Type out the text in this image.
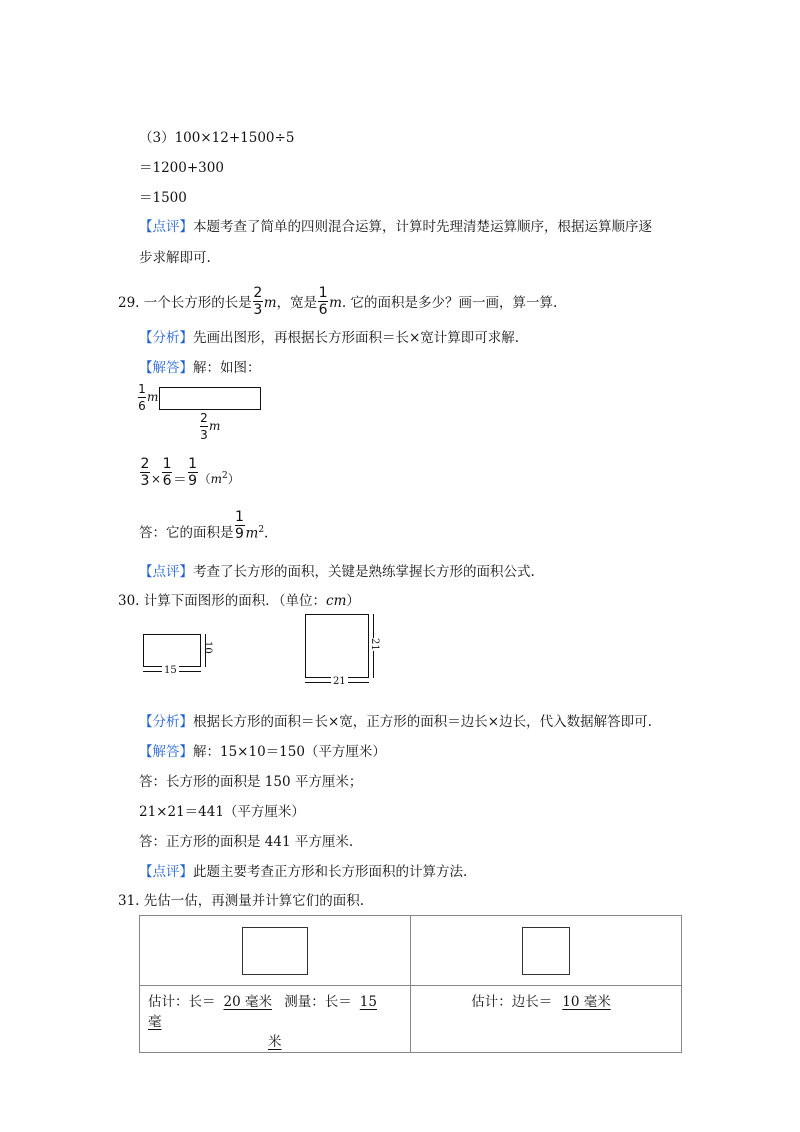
（3）100×12+1500÷5
＝1200+300
＝1500
【点评】本题考查了简单的四则混合运算，计算时先理清楚运算顺序，根据运算顺序逐
步求解即可.
29. 一个长方形的长是 $\frac{2}{3}$ m，宽是 $\frac{1}{6} m$. 它的面积是多少？画一画，算一算.
【分析】先画出图形，再根据长方形面积＝长×宽计算即可求解.
【解答】解：如图：
$\frac{1}{6}$ m
$\frac{2}{3}$ m
$\frac{2}{3} \times \frac{1}{6} = \frac{1}{9} (m^2)$
答：它的面积是 $\frac{1}{9} m^2$.
【点评】考查了长方形的面积，关键是熟练掌握长方形的面积公式.
30. 计算下面图形的面积．（单位：cm）
10
15
21
21
【分析】根据长方形的面积＝长×宽，正方形的面积＝边长×边长，代入数据解答即可.
【解答】解：15×10＝150（平方厘米）
答：长方形的面积是 150 平方厘米；
21×21＝441（平方厘米）
答：正方形的面积是 441 平方厘米.
【点评】此题主要考查正方形和长方形面积的计算方法.
31. 先估一估，再测量并计算它们的面积.

估计：长＝ 20 毫米 测量：长＝ 15 毫
米	估计：边长＝ 10 毫米
